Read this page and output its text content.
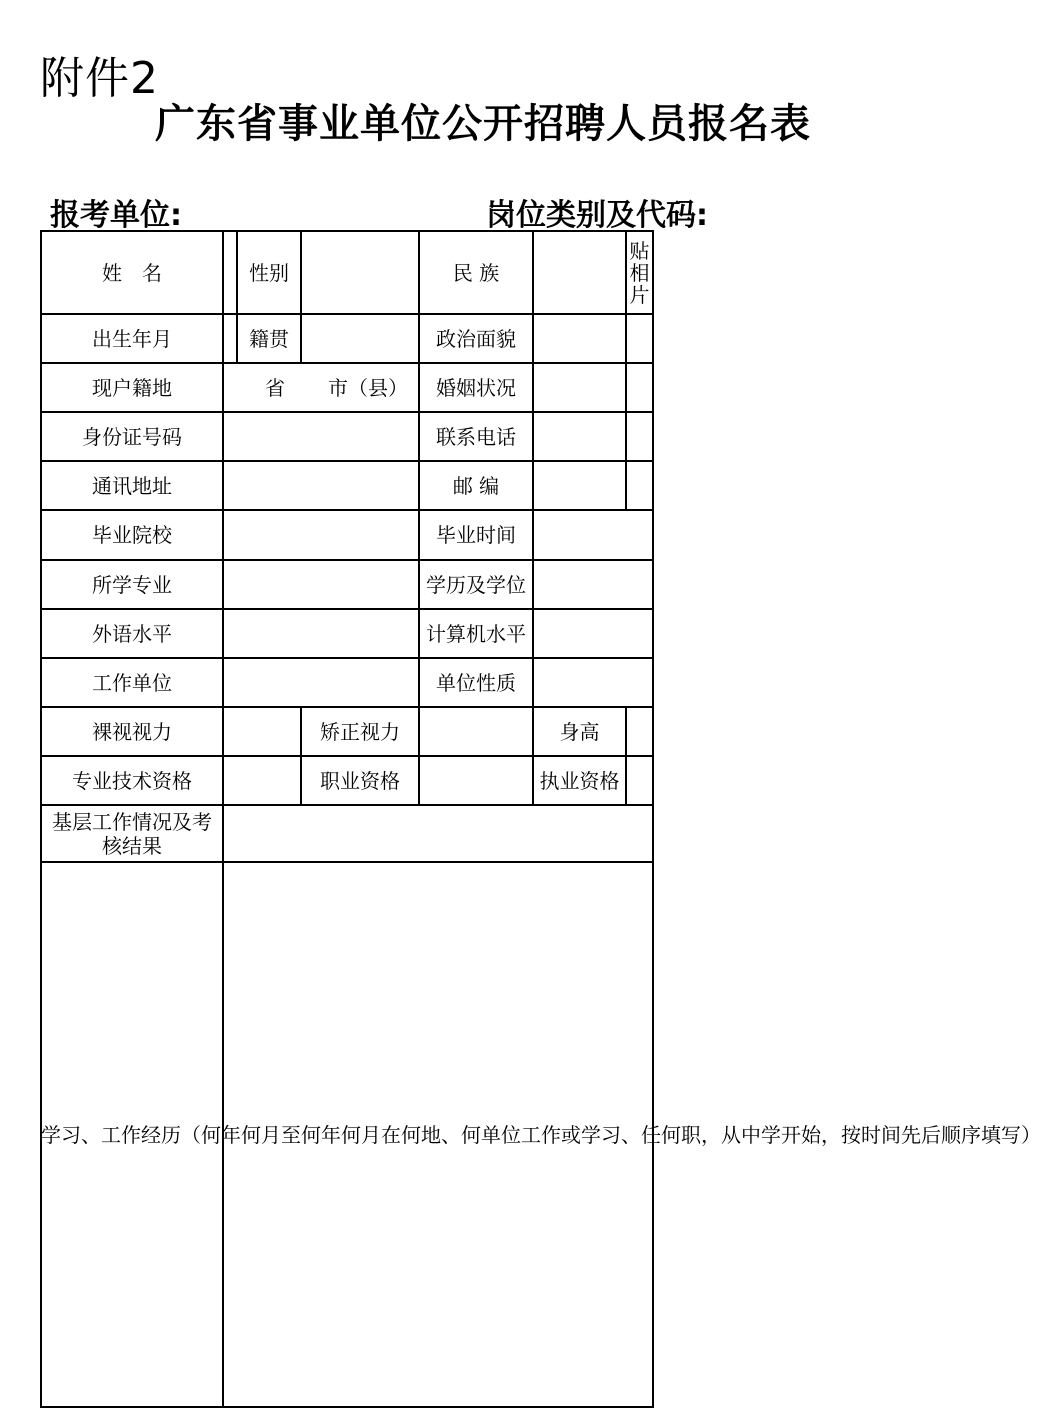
附件2
广东省事业单位公开招聘人员报名表
报考单位:	岗位类别及代码:
姓　名	性别	民 族
贴
相
片
出生年月	籍贯	政治面貌
现户籍地	省	市（县）	婚姻状况
身份证号码	联系电话
通讯地址	邮 编
毕业院校	毕业时间
所学专业	学历及学位
外语水平	计算机水平
工作单位	单位性质
裸视视力	矫正视力	身高
专业技术资格	职业资格	执业资格
基层工作情况及考核结果
学习、工作经历（何年何月至何年何月在何地、何单位工作或学习、任何职，从中学开始，按时间先后顺序填写）
